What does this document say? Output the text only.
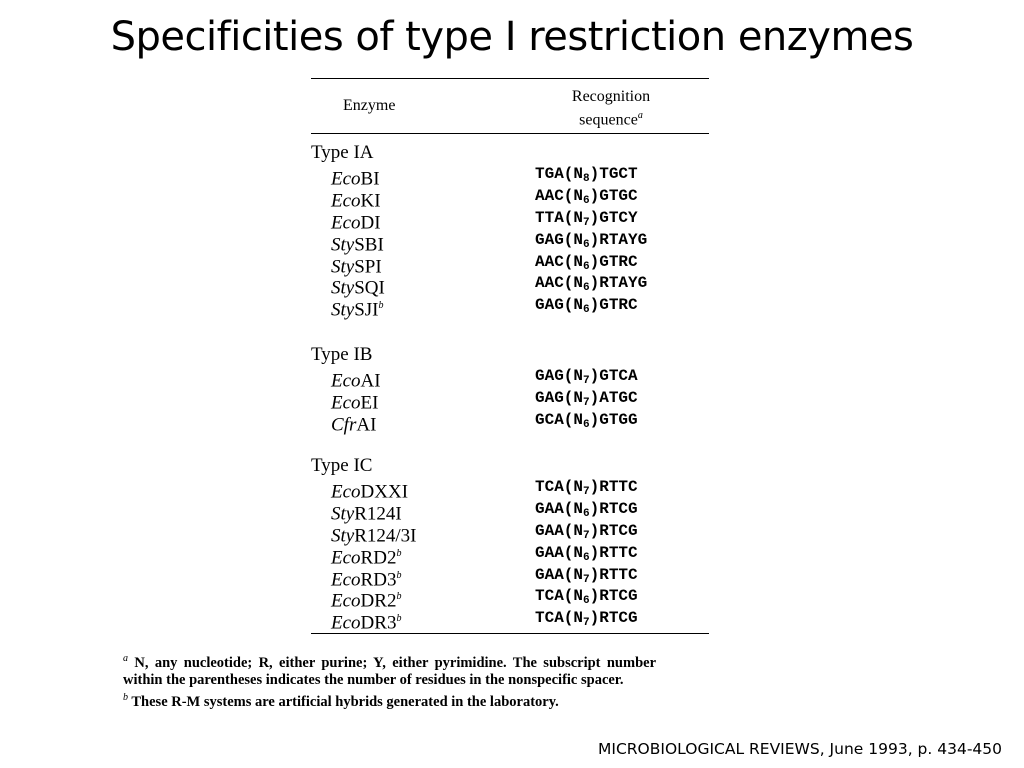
Specificities of type I restriction enzymes
Enzyme
Recognition
sequence$^a$
Type IA
EcoBI	$TGA(N_8)TGCT$
EcoKI	$AAC(N_6)GTGC$
EcoDI	$TTA(N_7)GTCY$
StySBI	$GAG(N_6)RTAYG$
StySPI	$AAC(N_6)GTRC$
StySQI	$AAC(N_6)RTAYG$
StySJI$^b$	$GAG(N_6)GTRC$
Type IB
EcoAI	$GAG(N_7)GTCA$
EcoEI	$GAG(N_7)ATGC$
CfrAI	$GCA(N_6)GTGG$
Type IC
EcoDXXI	$TCA(N_7)RTTC$
StyR124I	$GAA(N_6)RTCG$
StyR124/3I	$GAA(N_7)RTCG$
EcoRD2$^b$	$GAA(N_6)RTTC$
EcoRD3$^b$	$GAA(N_7)RTTC$
EcoDR2$^b$	$TCA(N_6)RTCG$
EcoDR3$^b$	$TCA(N_7)RTCG$

$^a$ N, any nucleotide; R, either purine; Y, either pyrimidine. The subscript number within the parentheses indicates the number of residues in the nonspecific spacer.

$^b$ These R-M systems are artificial hybrids generated in the laboratory.

MICROBIOLOGICAL REVIEWS, June 1993, p. 434-450
